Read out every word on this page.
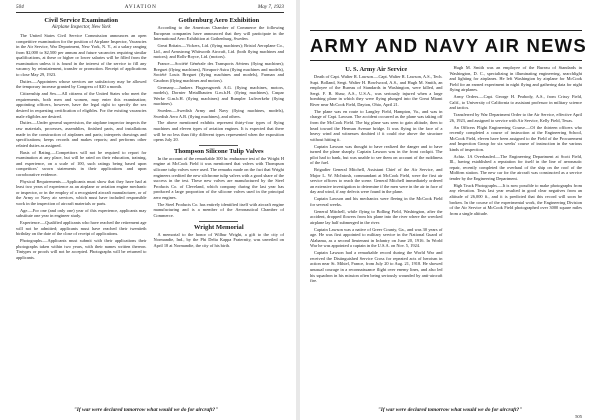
504	AVIATION	May 7, 1923
Civil Service Examination
Airplane Inspector, New York

The United States Civil Service Commission announces an open competitive examination for the position of Airplane Inspector, Vacancies in the Air Service, War Department, New York, N. Y., at a salary ranging from $2,000 to $2,500 per annum and future vacancies requiring similar qualifications, at these or higher or lower salaries will be filled from the examination unless it is found in the interest of the service to fill any vacancy by reinstatement, transfer or promotion. Receipt of applications to close May 29, 1923.

Duties.—Appointees whose services are satisfactory may be allowed the temporary increase granted by Congress of $20 a month.

Citizenship and Sex.—All citizens of the United States who meet the requirements, both men and women, may enter this examination; appointing officers, however, have the legal right to specify the sex desired in requesting certification of eligibles. For the existing vacancies male eligibles are desired.

Duties.—Under general supervision, the airplane inspector inspects the raw materials, processes, assemblies, finished parts, and installations made in the construction of airplanes and parts; interprets drawings and specifications; keeps records and makes reports; and performs other related duties as assigned.

Basis of Rating.—Competitors will not be required to report for examination at any place, but will be rated on their education, training, and experience, on a scale of 100, such ratings being based upon competitors' sworn statements in their applications and upon corroborative evidence.

Physical Requirements.—Applicants must show that they have had at least two years of experience as an airplane or aviation engine mechanic or inspector, or in the employ of a recognized aircraft manufacturer, or of the Army or Navy air services, which must have included responsible work in the inspection of aircraft materials or parts.

Age.—For one (and only one) year of this experience, applicants may substitute one year in engineer study.

Experience.—Qualified applicants who have reached the retirement age will not be admitted; applicants must have reached their twentieth birthday on the date of the close of receipt of applications.

Photographs.—Applicants must submit with their applications their photographs taken within two years, with their names written thereon. Tintypes or proofs will not be accepted. Photographs will be returned to applicants.

Gothenburg Aero Exhibition

According to the American Chamber of Commerce the following European companies have announced that they will participate in the International Aero Exhibition at Gothenburg, Sweden.

Great Britain.—Vickers, Ltd. (flying machines); Bristol Aeroplane Co., Ltd., and Armstrong Whitworth Aircraft, Ltd. (both flying machines and motors); and Rolls-Royce, Ltd. (motors).

France.—Société Générale des Transports Aériens (flying machines); Breguet (flying machines), Nieuport-Astra (flying machines and models), Société Louis Breguet (flying machines and models), Farman and Caudron (flying machines and motors).

Germany.—Junkers Flugzeugwerk A.G. (flying machines, motors, models), Dornier Metallbauten G.m.b.H. (flying machines), Caspar Werke G.m.b.H. (flying machines) and Rumpler Luftverkehr (flying machines).

Sweden.—Swedish Army and Navy (flying machines, models), Swedish Aero A.B. (flying machines), and others.

The above mentioned exhibits represent thirty-four types of flying machines and eleven types of aviation engines. It is expected that there will be no less than fifty different types represented when the exposition opens July 20.

Thompson Silicone Tulip Valves

In the account of the remarkable 300 hr. endurance test of the Wright H engine at McCook Field it was mentioned that valves with Thompson silicone tulip valves were used. The remarks made on the fact that Wright engineers credited the new silchrome tulip valves with a good share of the success in the test. These new valves are manufactured by the Steel Products Co. of Cleveland, which company during the last year has produced a large proportion of the silicone valves used in the principal aero engines.

The Steel Products Co. has entirely identified itself with aircraft engine manufacturing and is a member of the Aeronautical Chamber of Commerce.

Wright Memorial

A memorial to the honor of Wilbur Wright, a gift to the city of Normandie, Ind., by the Phi Delta Kappa Fraternity, was unveiled on April 18 at Normandie, the city of his birth.

"If war were declared tomorrow what would we do for aircraft?"
ARMY AND NAVY AIR NEWS
U. S. Army Air Service

Death of Capt. Walter R. Lawson.—Capt. Walter R. Lawson, A.S., Tech. Supt. Bolland, Sergt. Walter H. Bowlwood, A.S., and Hugh M. Smith, an employee of the Bureau of Standards in Washington, were killed, and Sergt. F. B. Shaw, A.S., U.S.A., was seriously injured when a large bombing plane in which they were flying plunged into the Great Miami River near McCook Field, Dayton, Ohio, April 21.

The plane was en route to Langley Field, Hampton, Va., and was in charge of Capt. Lawson. The accident occurred as the plane was taking off from the McCook Field. The big plane was seen to gain altitude, then to head toward the Herman Avenue bridge. It was flying in the face of a heavy wind and witnesses doubted if it could rise above the structure without hitting it.

Captain Lawson was thought to have realized the danger and to have turned the plane sharply. Captain Lawson was in the front cockpit. The pilot had to bank, but was unable to see them on account of the ruddiness of the fuel.

Brigadier General Mitchell, Assistant Chief of the Air Service, and Major L. W. McIntosh, commandant at McCook Field, were the first air service officers to reach the scene. General Mitchell immediately ordered an extensive investigation to determine if the men were in the air in face of day and wind, if any defects were found in the plane.

Captain Lawson and his mechanics were fleeing in the McCook Field for several weeks.

General Mitchell, while flying to Bolling Field, Washington, after the accident, dropped flowers from his plane into the river where the wrecked airplane lay half submerged in the river.

Captain Lawson was a native of Greer County, Ga., and was 30 years of age. He was first appointed to military service in the National Guard of Alabama, as a second lieutenant in Infantry on June 20, 1916. In World War he was appointed a captain in the U.S.A. on Nov. 5, 1924.

Captain Lawson had a remarkable record during the World War and received the Distinguished Service Cross for repeated acts of heroism in action near St. Mihiel, France, from July 20 to Aug. 21, 1918. He showed unusual courage in a reconnaissance flight over enemy lines, and also led his squadron in his mission often being seriously wounded by anti-aircraft fire.

Hugh M. Smith was an employee of the Bureau of Standards in Washington, D. C., specializing in illuminating engineering, searchlight and lighting for airplanes. He left Washington by airplane for McCook Field for an earned experiment in night flying and gathering data for night flying airplanes.

Army Orders.—Capt. George H. Peabody, A.S., from Crissy Field, Calif., to University of California to assistant professor in military science and tactics.

Transferred by War Department Order to the Air Service, effective April 26, 1923, and assigned to service with Air Service, Kelly Field, Texas.

An Officers Flight Engineering Course.—Of the thirteen officers who recently completed a course of instruction at the Engineering School, McCook Field, eleven have been assigned to the Field of the Procurement and Inspection Group for six weeks' course of instruction in the various kinds of inspection.

Achtz. 1A Overhauled.—The Engineering Department at Scott Field, Ill., having established a reputation for itself in the line of aeronautic repair, recently completed the overhaul of the ship on the roof of the Midfirm station. The new car for the aircraft was constructed as a service tender by the Engineering Department.

High Truck Photographs.—It is now possible to make photographs from any elevation. Tests last year resulted in good clear negatives from an altitude of 26,000 ft., and it is predicted that this record will soon be broken. In the course of the experimental work, the Engineering Division of the Air Service at McCook Field photographed over 3000 square miles from a single altitude.

"If war were declared tomorrow what would we do for aircraft?"
505
